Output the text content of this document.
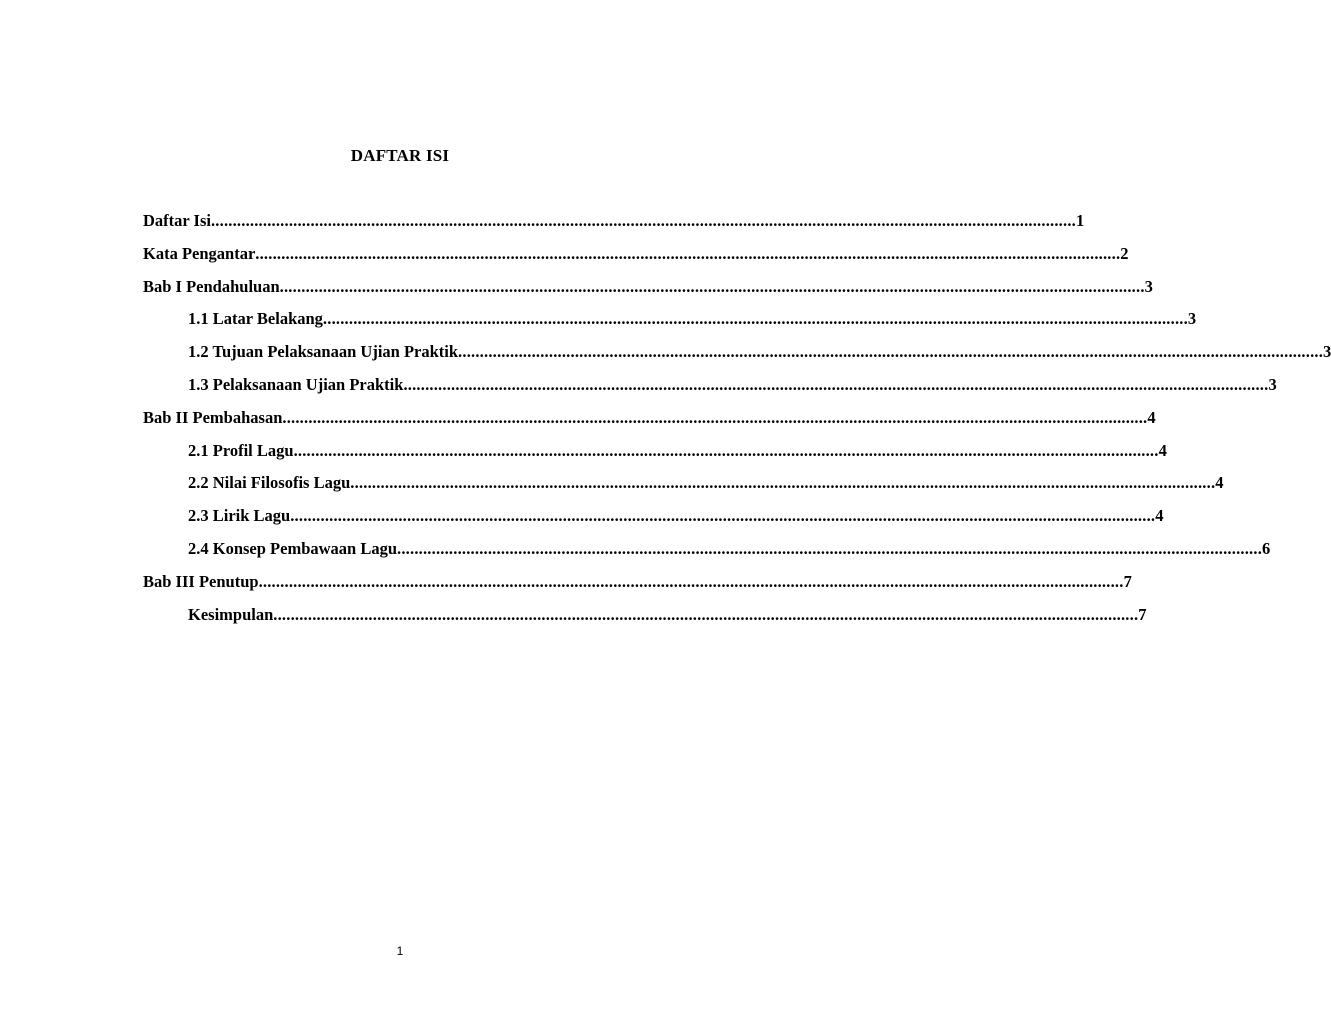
DAFTAR ISI
Daftar Isi ........................................................................................................................................................................................................ 1
Kata Pengantar ........................................................................................................................................................................................................ 2
Bab I Pendahuluan ........................................................................................................................................................................................................ 3
1.1 Latar Belakang ........................................................................................................................................................................................................ 3
1.2 Tujuan Pelaksanaan Ujian Praktik ........................................................................................................................................................................................................ 3
1.3 Pelaksanaan Ujian Praktik ........................................................................................................................................................................................................ 3
Bab II Pembahasan ........................................................................................................................................................................................................ 4
2.1 Profil Lagu ........................................................................................................................................................................................................ 4
2.2 Nilai Filosofis Lagu ........................................................................................................................................................................................................ 4
2.3 Lirik Lagu ........................................................................................................................................................................................................ 4
2.4 Konsep Pembawaan Lagu ........................................................................................................................................................................................................ 6
Bab III Penutup ........................................................................................................................................................................................................ 7
Kesimpulan ........................................................................................................................................................................................................ 7
1
